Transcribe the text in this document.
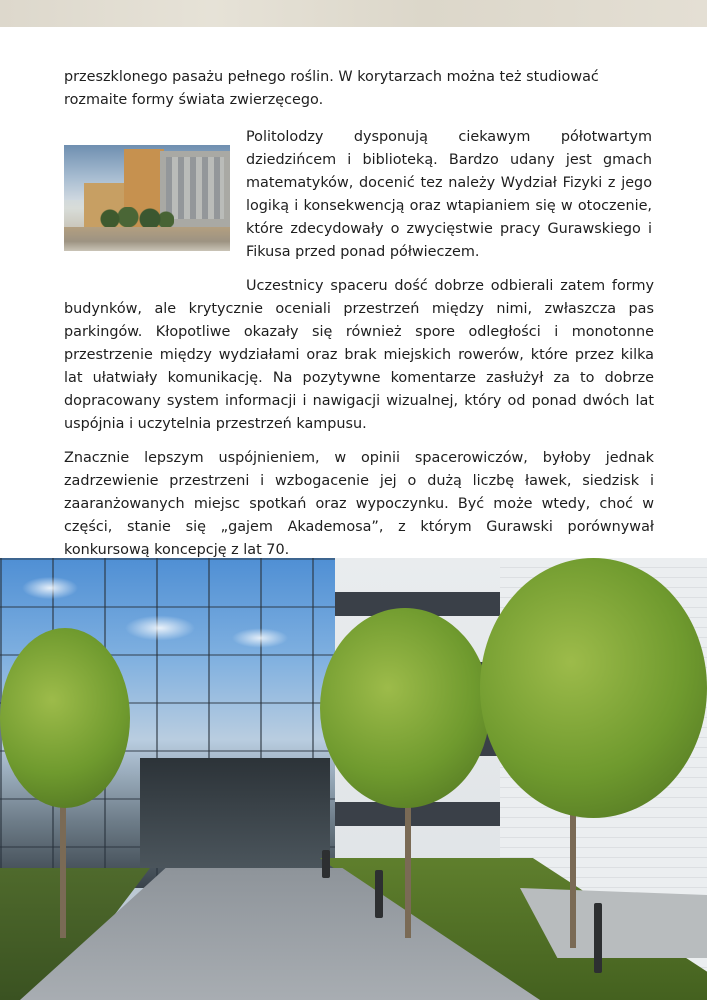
przeszklonego pasażu pełnego roślin. W korytarzach można też studiować rozmaite formy świata zwierzęcego.

Politolodzy dysponują ciekawym półotwartym dziedzińcem i biblioteką. Bardzo udany jest gmach matematyków, docenić tez należy Wydział Fizyki z jego logiką i konsekwencją oraz wtapianiem się w otoczenie, które zdecydowały o zwycięstwie pracy Gurawskiego i Fikusa przed ponad półwieczem.

Uczestnicy spaceru dość dobrze odbierali zatem formy budynków, ale krytycznie oceniali przestrzeń między nimi, zwłaszcza pas parkingów. Kłopotliwe okazały się również spore odległości i monotonne przestrzenie między wydziałami oraz brak miejskich rowerów, które przez kilka lat ułatwiały komunikację. Na pozytywne komentarze zasłużył za to dobrze dopracowany system informacji i nawigacji wizualnej, który od ponad dwóch lat uspójnia i uczytelnia przestrzeń kampusu.

Znacznie lepszym uspójnieniem, w opinii spacerowiczów, byłoby jednak zadrzewienie przestrzeni i wzbogacenie jej o dużą liczbę ławek, siedzisk i zaaranżowanych miejsc spotkań oraz wypoczynku. Być może wtedy, choć w części, stanie się „gajem Akademosa”, z którym Gurawski porównywał konkursową koncepcję z lat 70.
